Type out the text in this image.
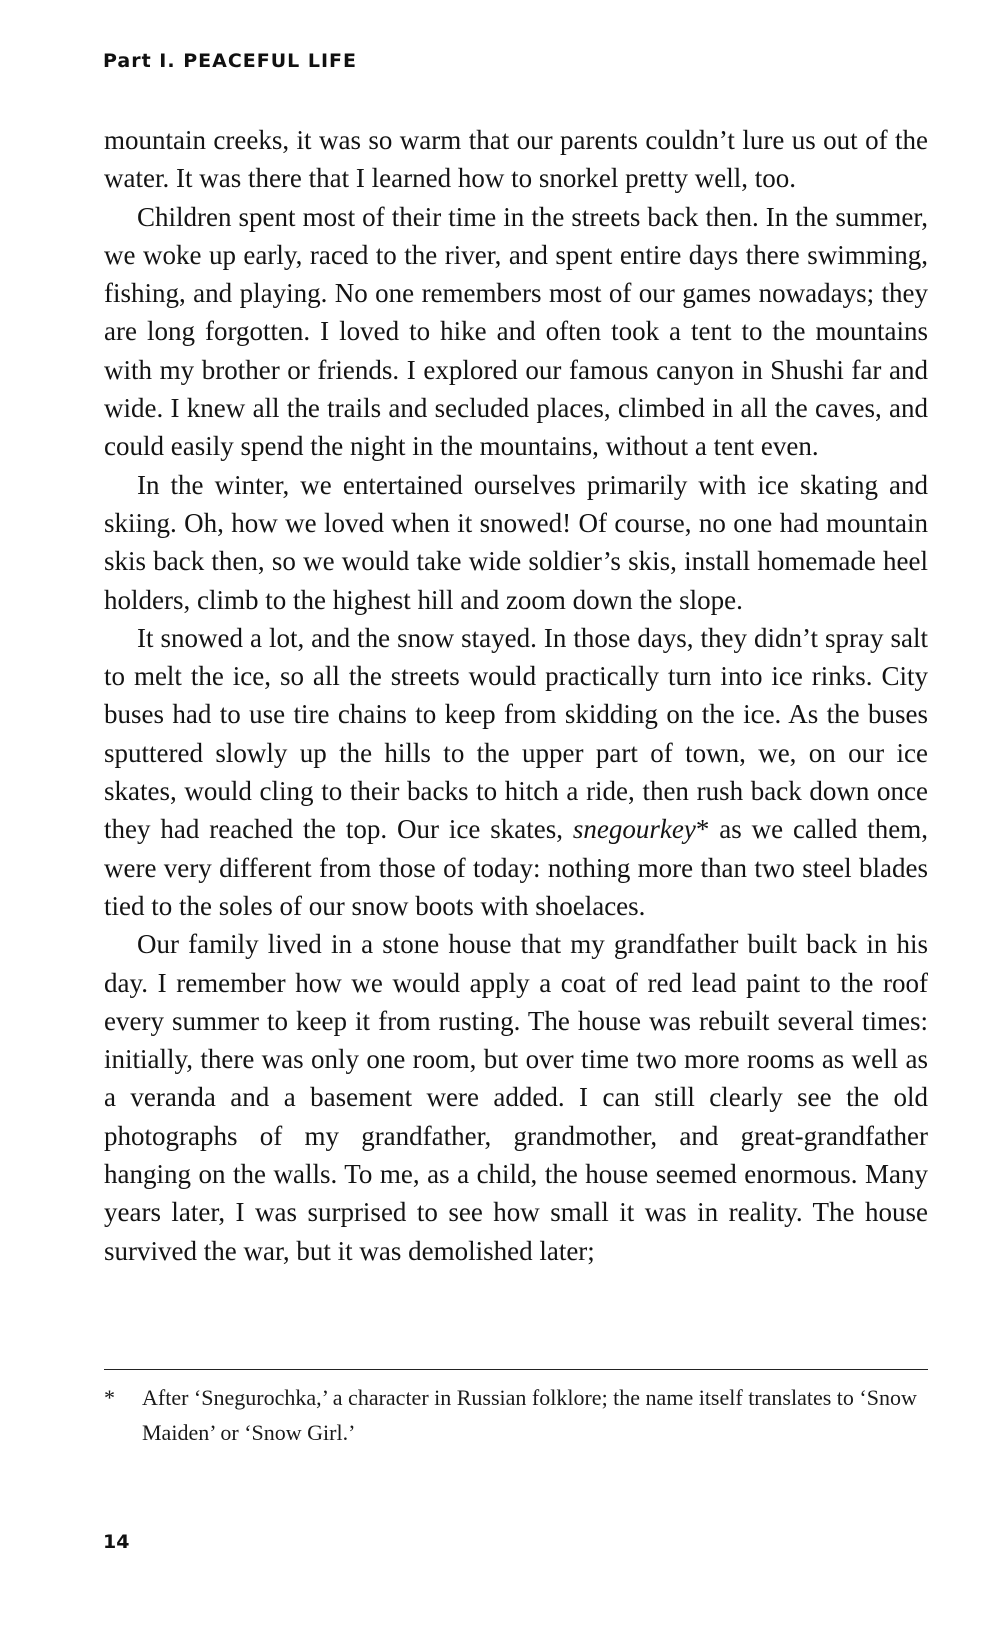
Part I. PEACEFUL LIFE

mountain creeks, it was so warm that our parents couldn’t lure us out of the water. It was there that I learned how to snorkel pretty well, too.

Children spent most of their time in the streets back then. In the summer, we woke up early, raced to the river, and spent entire days there swimming, fishing, and playing. No one remembers most of our games nowadays; they are long forgotten. I loved to hike and often took a tent to the mountains with my brother or friends. I explored our famous canyon in Shushi far and wide. I knew all the trails and secluded places, climbed in all the caves, and could easily spend the night in the mountains, without a tent even.

In the winter, we entertained ourselves primarily with ice skating and skiing. Oh, how we loved when it snowed! Of course, no one had mountain skis back then, so we would take wide soldier’s skis, install homemade heel holders, climb to the highest hill and zoom down the slope.

It snowed a lot, and the snow stayed. In those days, they didn’t spray salt to melt the ice, so all the streets would practically turn into ice rinks. City buses had to use tire chains to keep from skidding on the ice. As the buses sputtered slowly up the hills to the upper part of town, we, on our ice skates, would cling to their backs to hitch a ride, then rush back down once they had reached the top. Our ice skates, snegourkey* as we called them, were very different from those of today: nothing more than two steel blades tied to the soles of our snow boots with shoelaces.

Our family lived in a stone house that my grandfather built back in his day. I remember how we would apply a coat of red lead paint to the roof every summer to keep it from rusting. The house was rebuilt several times: initially, there was only one room, but over time two more rooms as well as a veranda and a basement were added. I can still clearly see the old photographs of my grandfather, grandmother, and great-grandfather hanging on the walls. To me, as a child, the house seemed enormous. Many years later, I was surprised to see how small it was in reality. The house survived the war, but it was demolished later;

* After ‘Snegurochka,’ a character in Russian folklore; the name itself translates to ‘Snow Maiden’ or ‘Snow Girl.’
14
